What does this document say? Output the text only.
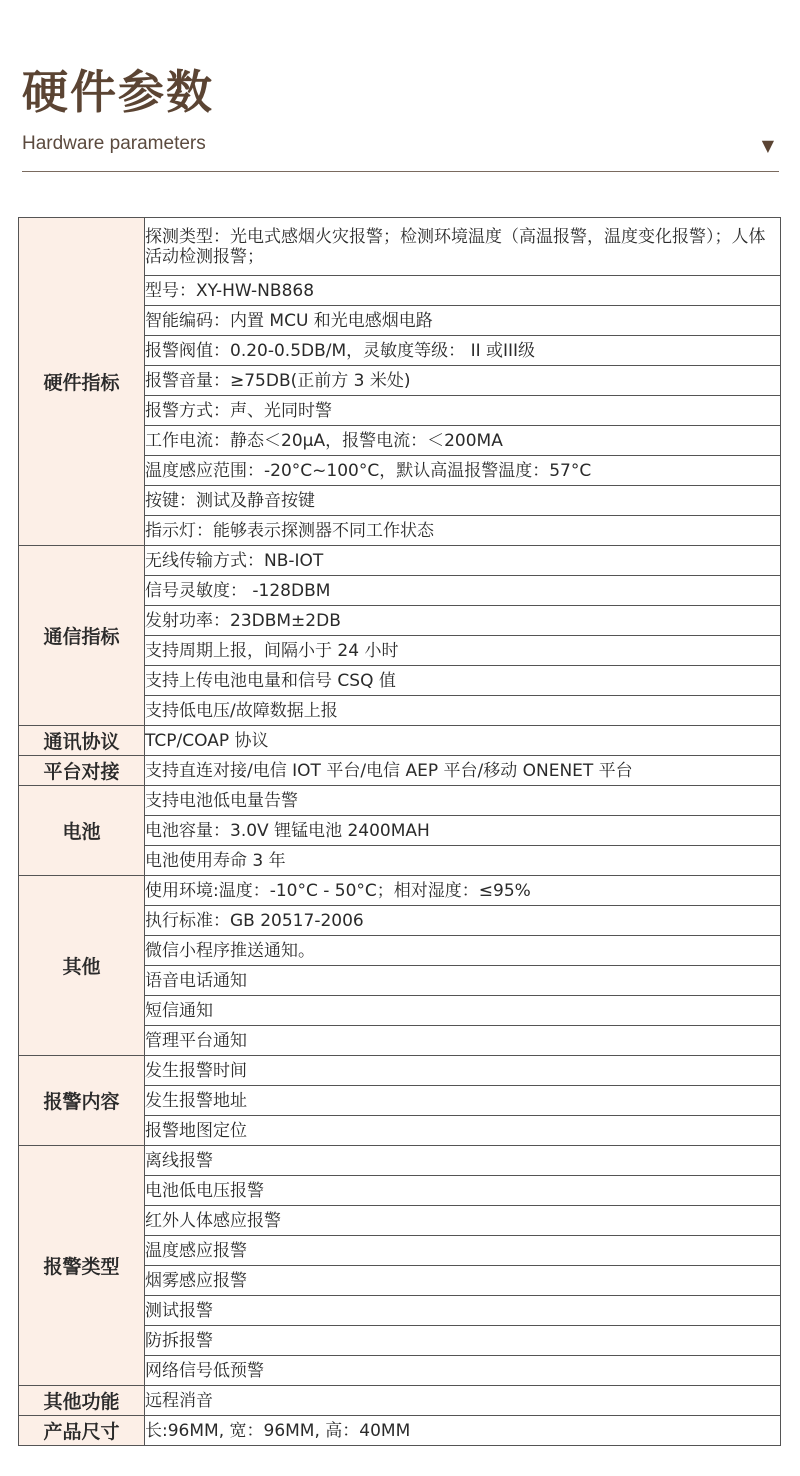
硬件参数
Hardware parameters	▼
硬件指标	探测类型：光电式感烟火灾报警；检测环境温度（高温报警，温度变化报警）；人体活动检测报警；
	型号：XY-HW-NB868
	智能编码：内置 MCU 和光电感烟电路
	报警阀值：0.20-0.5DB/M，灵敏度等级： II 或III级
	报警音量：≥75DB(正前方 3 米处)
	报警方式：声、光同时警
	工作电流：静态＜20μA，报警电流：＜200MA
	温度感应范围：-20°C~100°C，默认高温报警温度：57°C
	按键：测试及静音按键
	指示灯：能够表示探测器不同工作状态
通信指标	无线传输方式：NB-IOT
	信号灵敏度： -128DBM
	发射功率：23DBM±2DB
	支持周期上报，间隔小于 24 小时
	支持上传电池电量和信号 CSQ 值
	支持低电压/故障数据上报
通讯协议	TCP/COAP 协议
平台对接	支持直连对接/电信 IOT 平台/电信 AEP 平台/移动 ONENET 平台
电池	支持电池低电量告警
	电池容量：3.0V 锂锰电池 2400MAH
	电池使用寿命 3 年
其他	使用环境:温度：-10°C - 50°C；相对湿度：≤95%
	执行标准：GB 20517-2006
	微信小程序推送通知。
	语音电话通知
	短信通知
	管理平台通知
报警内容	发生报警时间
	发生报警地址
	报警地图定位
报警类型	离线报警
	电池低电压报警
	红外人体感应报警
	温度感应报警
	烟雾感应报警
	测试报警
	防拆报警
	网络信号低预警
其他功能	远程消音
产品尺寸	长:96MM, 宽：96MM, 高：40MM
